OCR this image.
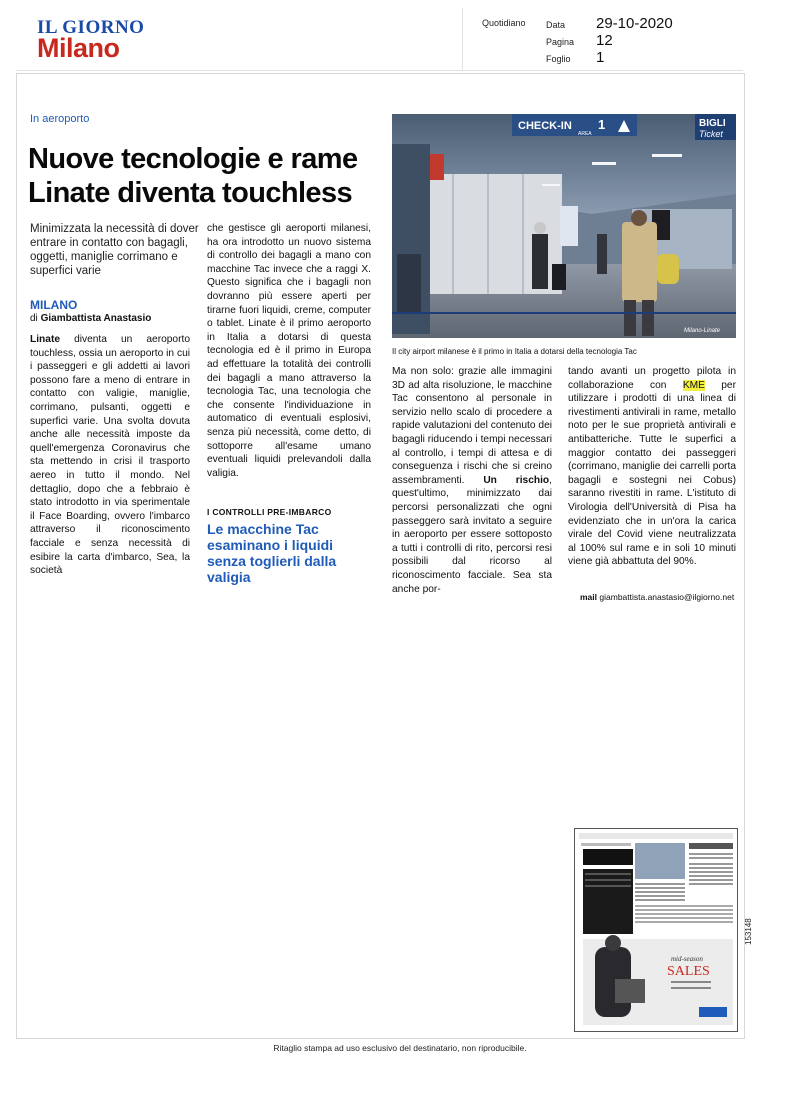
IL GIORNO
Milano
Quotidiano Data 29-10-2020
Pagina 12
Foglio 1
In aeroporto
Nuove tecnologie e rame
Linate diventa touchless
Minimizzata la necessità di dover entrare in contatto con bagagli, oggetti, maniglie corrimano e superfici varie
MILANO
di Giambattista Anastasio
Linate diventa un aeroporto touchless, ossia un aeroporto in cui i passeggeri e gli addetti ai lavori possono fare a meno di entrare in contatto con valigie, maniglie, corrimano, pulsanti, oggetti e superfici varie. Una svolta dovuta anche alle necessità imposte da quell'emergenza Coronavirus che sta mettendo in crisi il trasporto aereo in tutto il mondo. Nel dettaglio, dopo che a febbraio è stato introdotto in via sperimentale il Face Boarding, ovvero l'imbarco attraverso il riconoscimento facciale e senza necessità di esibire la carta d'imbarco, Sea, la società
che gestisce gli aeroporti milanesi, ha ora introdotto un nuovo sistema di controllo dei bagagli a mano con macchine Tac invece che a raggi X. Questo significa che i bagagli non dovranno più essere aperti per tirarne fuori liquidi, creme, computer o tablet. Linate è il primo aeroporto in Italia a dotarsi di questa tecnologia ed è il primo in Europa ad effettuare la totalità dei controlli dei bagagli a mano attraverso la tecnologia Tac, una tecnologia che che consente l'individuazione in automatico di eventuali esplosivi, senza più necessità, come detto, di sottoporre all'esame umano eventuali liquidi prelevandoli dalla valigia.
I CONTROLLI PRE-IMBARCO
Le macchine Tac esaminano i liquidi senza toglierli dalla valigia
CHECK-IN 1
AREA
BIGLI
Ticket
Milano-Linate
Il city airport milanese è il primo in Italia a dotarsi della tecnologia Tac
Ma non solo: grazie alle immagini 3D ad alta risoluzione, le macchine Tac consentono al personale in servizio nello scalo di procedere a rapide valutazioni del contenuto dei bagagli riducendo i tempi necessari al controllo, i tempi di attesa e di conseguenza i rischi che si creino assembramenti. Un rischio, quest'ultimo, minimizzato dai percorsi personalizzati che ogni passeggero sarà invitato a seguire in aeroporto per essere sottoposto a tutti i controlli di rito, percorsi resi possibili dal ricorso al riconoscimento facciale. Sea sta anche por-
tando avanti un progetto pilota in collaborazione con KME per utilizzare i prodotti di una linea di rivestimenti antivirali in rame, metallo noto per le sue proprietà antivirali e antibatteriche. Tutte le superfici a maggior contatto dei passeggeri (corrimano, maniglie dei carrelli porta bagagli e sostegni nei Cobus) saranno rivestiti in rame. L'istituto di Virologia dell'Università di Pisa ha evidenziato che in un'ora la carica virale del Covid viene neutralizzata al 100% sul rame e in soli 10 minuti viene già abbattuta del 90%.
mail giambattista.anastasio@ilgiorno.net
mid-season
SALES
153148
Ritaglio stampa ad uso esclusivo del destinatario, non riproducibile.
